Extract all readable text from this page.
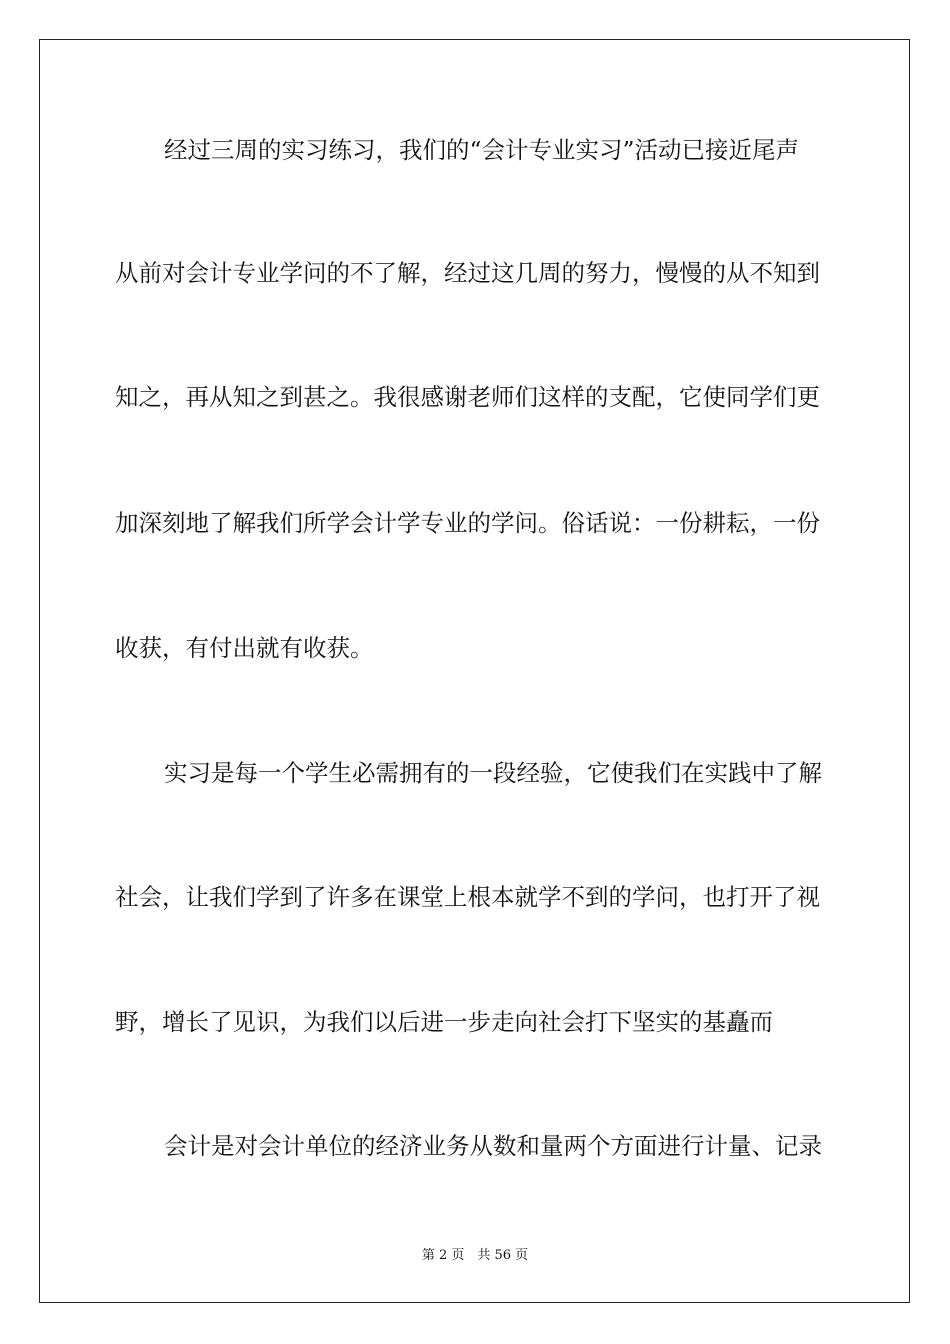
经过三周的实习练习，我们的“会计专业实习”活动已接近尾声
从前对会计专业学问的不了解，经过这几周的努力，慢慢的从不知到
知之，再从知之到甚之。我很感谢老师们这样的支配，它使同学们更
加深刻地了解我们所学会计学专业的学问。俗话说：一份耕耘，一份
收获，有付出就有收获。
实习是每一个学生必需拥有的一段经验，它使我们在实践中了解
社会，让我们学到了许多在课堂上根本就学不到的学问，也打开了视
野，增长了见识，为我们以后进一步走向社会打下坚实的基矗而
会计是对会计单位的经济业务从数和量两个方面进行计量、记录
第 2 页　共 56 页
